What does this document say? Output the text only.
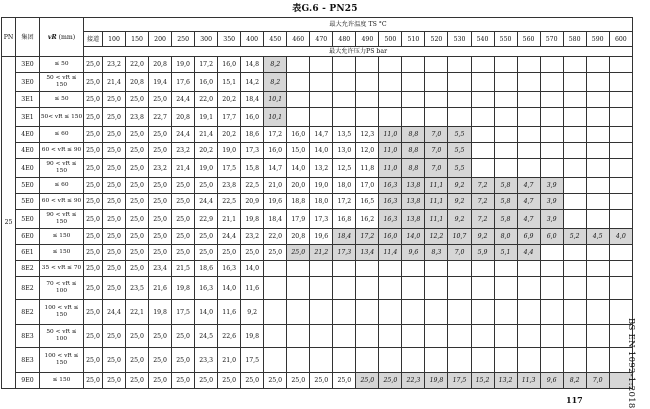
表G.6 - PN25
PN	集团	vR (mm)	最大允许温度 TS °C																							
			接道	100	150	200	250	300	350	400	450	460	470	480	490	500	510	520	530	540	550	560	570	580	590	600
			最大允许压力PS bar																							
25	3E0	≤ 50	25,0	23,2	22,0	20,8	19,0	17,2	16,0	14,8	8,2															
	3E0	50 < vR ≤ 150	25,0	21,4	20,8	19,4	17,6	16,0	15,1	14,2	8,2															
	3E1	≤ 50	25,0	25,0	25,0	25,0	24,4	22,0	20,2	18,4	10,1															
	3E1	50< vR ≤ 150	25,0	25,0	23,8	22,7	20,8	19,1	17,7	16,0	10,1															
	4E0	≤ 60	25,0	25,0	25,0	25,0	24,4	21,4	20,2	18,6	17,2	16,0	14,7	13,5	12,3	11,0	8,8	7,0	5,5							
	4E0	60 < vR ≤ 90	25,0	25,0	25,0	25,0	23,2	20,2	19,0	17,3	16,0	15,0	14,0	13,0	12,0	11,0	8,8	7,0	5,5							
	4E0	90 < vR ≤ 150	25,0	25,0	25,0	23,2	21,4	19,0	17,5	15,8	14,7	14,0	13,2	12,5	11,8	11,0	8,8	7,0	5,5							
	5E0	≤ 60	25,0	25,0	25,0	25,0	25,0	25,0	23,8	22,5	21,0	20,0	19,0	18,0	17,0	16,3	13,8	11,1	9,2	7,2	5,8	4,7	3,9			
	5E0	60 < vR ≤ 90	25,0	25,0	25,0	25,0	25,0	24,4	22,5	20,9	19,6	18,8	18,0	17,2	16,5	16,3	13,8	11,1	9,2	7,2	5,8	4,7	3,9			
	5E0	90 < vR ≤ 150	25,0	25,0	25,0	25,0	25,0	22,9	21,1	19,8	18,4	17,9	17,3	16,8	16,2	16,3	13,8	11,1	9,2	7,2	5,8	4,7	3,9			
	6E0	≤ 150	25,0	25,0	25,0	25,0	25,0	25,0	24,4	23,2	22,0	20,8	19,6	18,4	17,2	16,0	14,0	12,2	10,7	9,2	8,0	6,9	6,0	5,2	4,5	4,0
	6E1	≤ 150	25,0	25,0	25,0	25,0	25,0	25,0	25,0	25,0	25,0	25,0	21,2	17,3	13,4	11,4	9,6	8,3	7,0	5,9	5,1	4,4				
	8E2	35 < vR ≤ 70	25,0	25,0	25,0	23,4	21,5	18,6	16,3	14,0																
	8E2	70 < vR ≤ 100	25,0	25,0	23,5	21,6	19,8	16,3	14,0	11,6																
	8E2	100 < vR ≤ 150	25,0	24,4	22,1	19,8	17,5	14,0	11,6	9,2																
	8E3	50 < vR ≤ 100	25,0	25,0	25,0	25,0	25,0	24,5	22,6	19,8																
	8E3	100 < vR ≤ 150	25,0	25,0	25,0	25,0	25,0	23,3	21,0	17,5																
	9E0	≤ 150	25,0	25,0	25,0	25,0	25,0	25,0	25,0	25,0	25,0	25,0	25,0	25,0	25,0	25,0	22,3	19,8	17,5	15,2	13,2	11,3	9,6	8,2	7,0		BS EN 1092-1:2018
117
